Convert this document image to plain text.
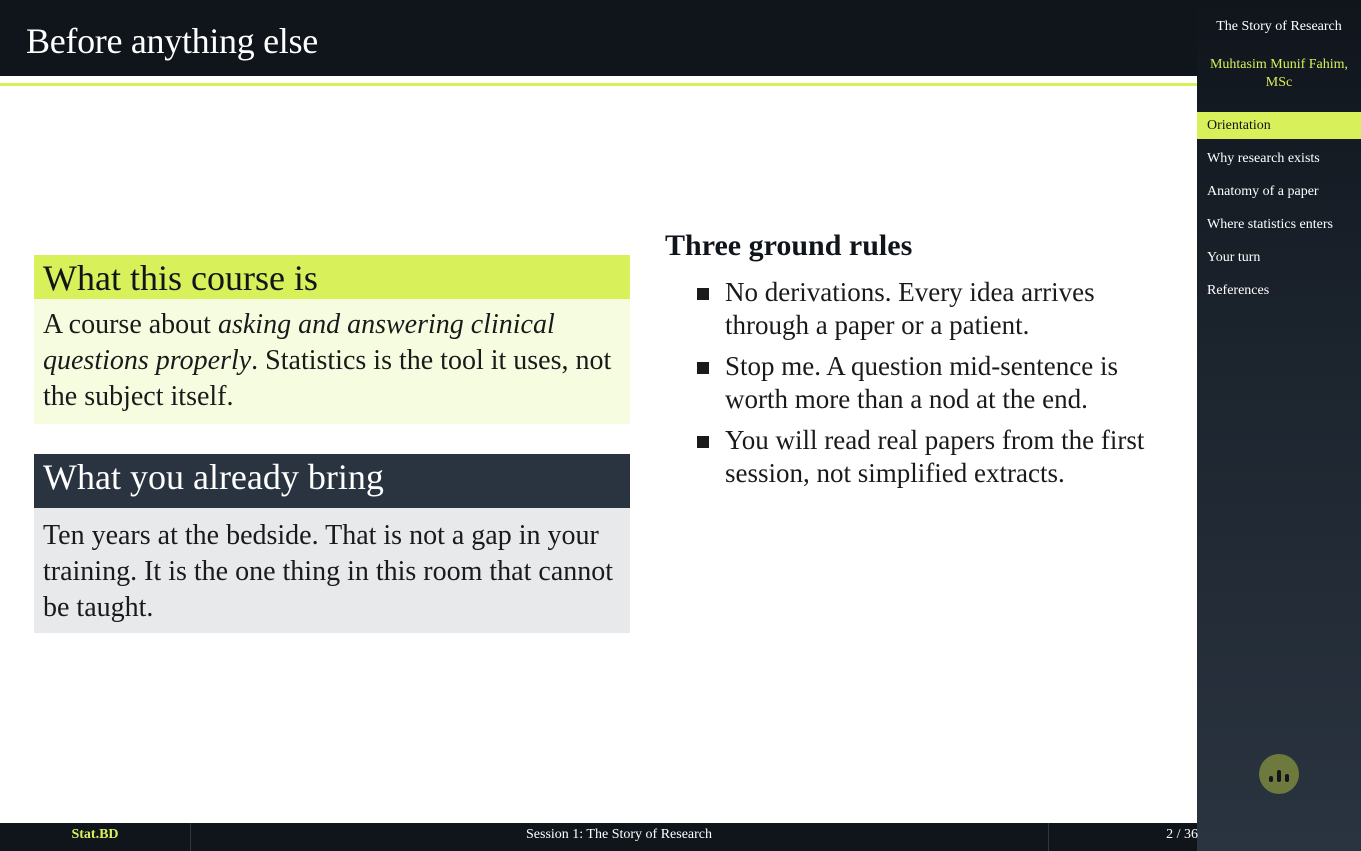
Before anything else
What this course is
A course about asking and answering clinical questions properly. Statistics is the tool it uses, not the subject itself.
What you already bring
Ten years at the bedside. That is not a gap in your training. It is the one thing in this room that cannot be taught.
Three ground rules
No derivations. Every idea arrives through a paper or a patient.
Stop me. A question mid-sentence is worth more than a nod at the end.
You will read real papers from the first session, not simplified extracts.
The Story of Research
Muhtasim Munif Fahim, MSc
Orientation
Why research exists
Anatomy of a paper
Where statistics enters
Your turn
References
Stat.BD	Session 1: The Story of Research	2 / 36
